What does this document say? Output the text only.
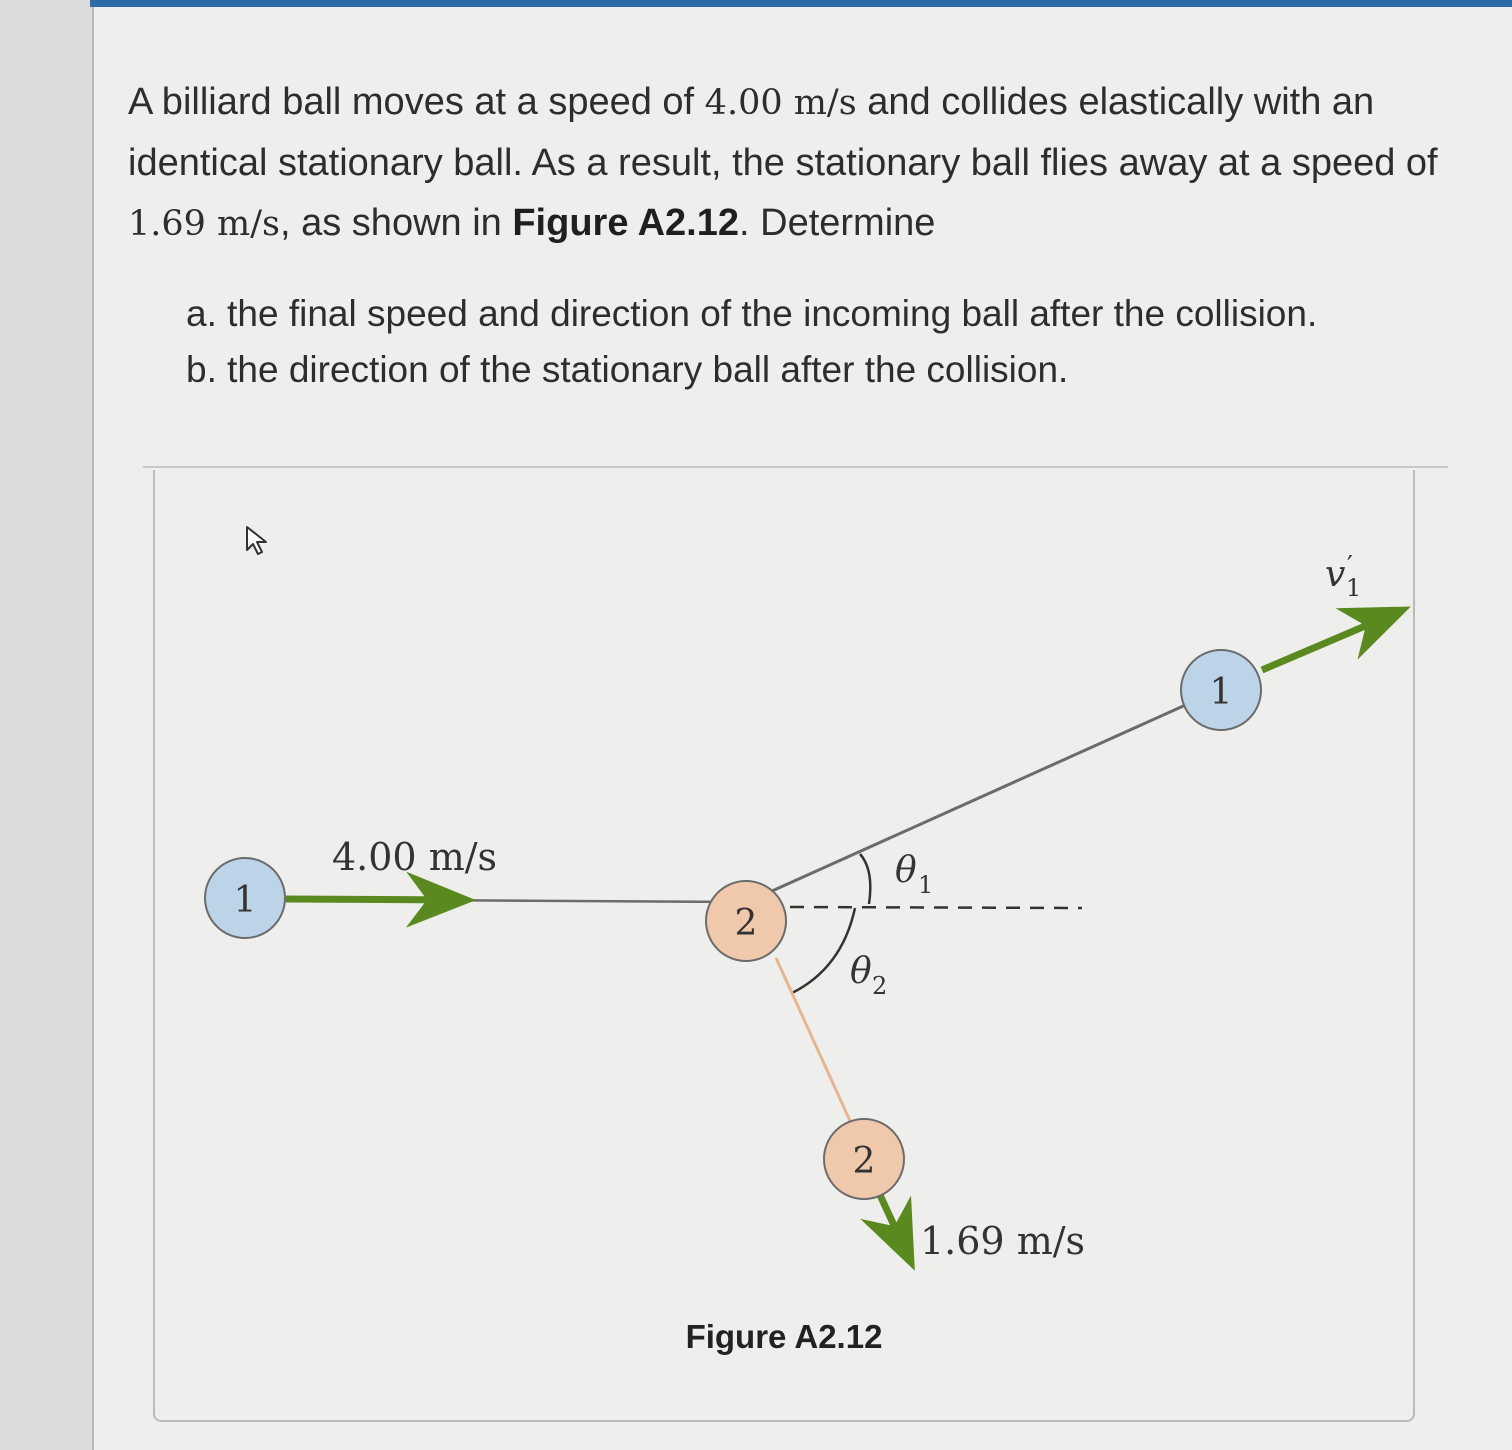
A billiard ball moves at a speed of 4.00 m/s and collides elastically with an identical stationary ball. As a result, the stationary ball flies away at a speed of 1.69 m/s, as shown in Figure A2.12. Determine
a. the final speed and direction of the incoming ball after the collision.
b. the direction of the stationary ball after the collision.
1
2
1
2
4.00 m/s
1.69 m/s
θ 1
θ 2
v ′
1
Figure A2.12
